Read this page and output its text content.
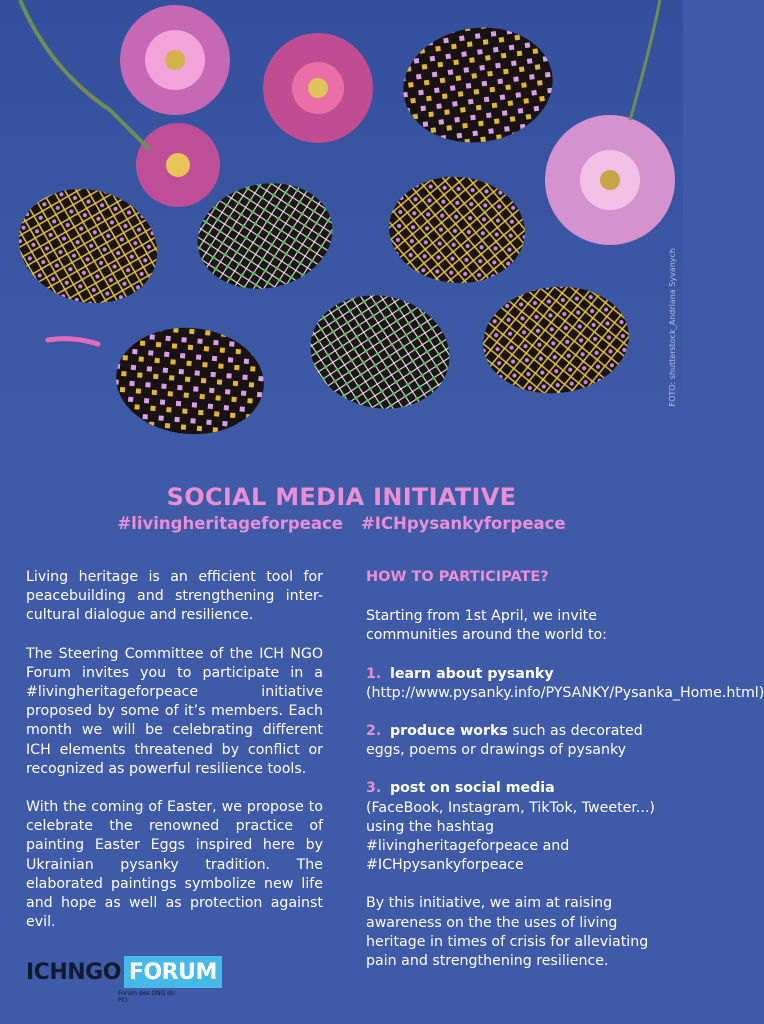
FOTO: shutterstock_Andriana Syvanych
SOCIAL MEDIA INITIATIVE
#livingheritageforpeace #ICHpysankyforpeace

Living heritage is an efficient tool for peacebuilding and strengthening inter-cultural dialogue and resilience.

The Steering Committee of the ICH NGO Forum invites you to participate in a #livingheritageforpeace initiative proposed by some of it’s members. Each month we will be celebrating different ICH elements threatened by conflict or recognized as powerful resilience tools.

With the coming of Easter, we propose to celebrate the renowned practice of painting Easter Eggs inspired here by Ukrainian pysanky tradition. The elaborated paintings symbolize new life and hope as well as protection against evil.

HOW TO PARTICIPATE?

Starting from 1st April, we invite communities around the world to:

1. learn about pysanky
(http://www.pysanky.info/PYSANKY/Pysanka_Home.html)
2. produce works such as decorated eggs, poems or drawings of pysanky
3. post on social media
(FaceBook, Instagram, TikTok, Tweeter...) using the hashtag #livingheritageforpeace and #ICHpysankyforpeace

By this initiative, we aim at raising awareness on the the uses of living heritage in times of crisis for alleviating pain and strengthening resilience.

ICHNGO FORUM
Forum des ONG du PCI
